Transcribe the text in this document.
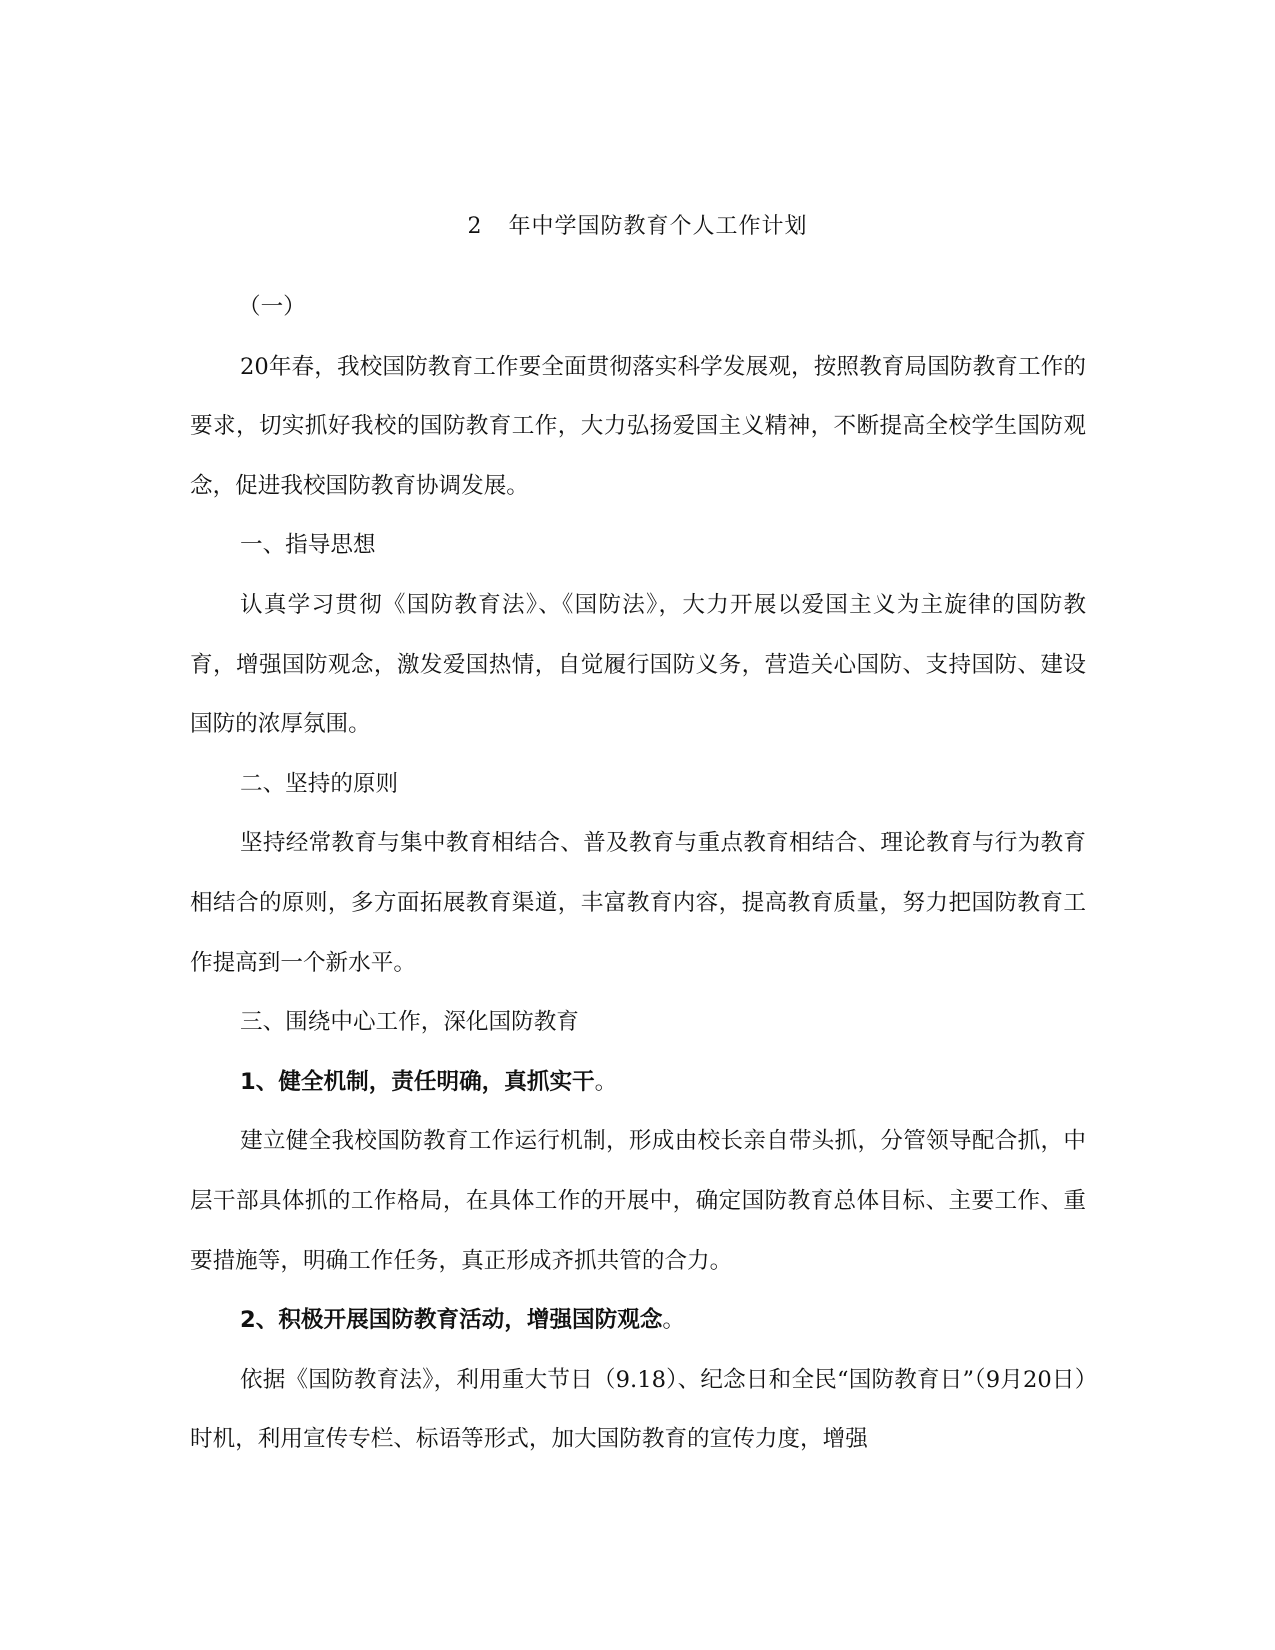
2 年中学国防教育个人工作计划

（一）

20年春，我校国防教育工作要全面贯彻落实科学发展观，按照教育局国防教育工作的要求，切实抓好我校的国防教育工作，大力弘扬爱国主义精神，不断提高全校学生国防观念，促进我校国防教育协调发展。

一、指导思想

认真学习贯彻《国防教育法》、《国防法》，大力开展以爱国主义为主旋律的国防教育，增强国防观念，激发爱国热情，自觉履行国防义务，营造关心国防、支持国防、建设国防的浓厚氛围。

二、坚持的原则

坚持经常教育与集中教育相结合、普及教育与重点教育相结合、理论教育与行为教育相结合的原则，多方面拓展教育渠道，丰富教育内容，提高教育质量，努力把国防教育工作提高到一个新水平。

三、围绕中心工作，深化国防教育

1、健全机制，责任明确，真抓实干。

建立健全我校国防教育工作运行机制，形成由校长亲自带头抓，分管领导配合抓，中层干部具体抓的工作格局，在具体工作的开展中，确定国防教育总体目标、主要工作、重要措施等，明确工作任务，真正形成齐抓共管的合力。

2、积极开展国防教育活动，增强国防观念。

依据《国防教育法》，利用重大节日（9.18）、纪念日和全民“国防教育日”（9月20日）时机，利用宣传专栏、标语等形式，加大国防教育的宣传力度，增强
